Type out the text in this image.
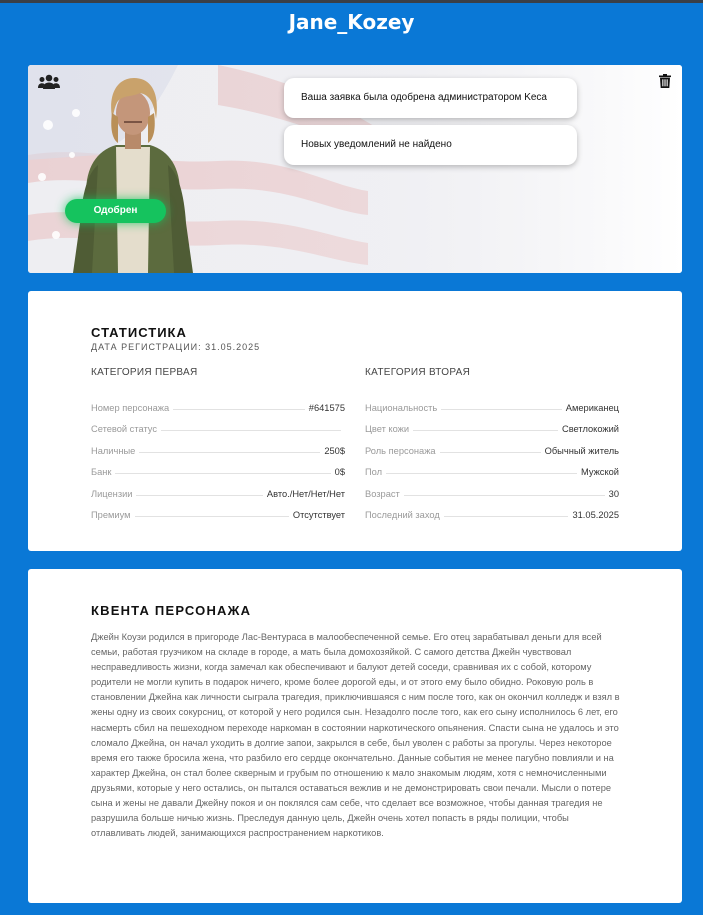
Jane_Kozey
Одобрен
Ваша заявка была одобрена администратором Keca
Новых уведомлений не найдено
СТАТИСТИКА
ДАТА РЕГИСТРАЦИИ: 31.05.2025
КАТЕГОРИЯ ПЕРВАЯ
Номер персонажа	#641575
Сетевой статус
Наличные	250$
Банк	0$
Лицензии	Авто./Нет/Нет/Нет
Премиум	Отсутствует
КАТЕГОРИЯ ВТОРАЯ
Национальность	Американец
Цвет кожи	Светлокожий
Роль персонажа	Обычный житель
Пол	Мужской
Возраст	30
Последний заход	31.05.2025
КВЕНТА ПЕРСОНАЖА
Джейн Коузи родился в пригороде Лас-Вентураса в малообеспеченной семье. Его отец зарабатывал деньги для всей семьи, работая грузчиком на складе в городе, а мать была домохозяйкой. С самого детства Джейн чувствовал несправедливость жизни, когда замечал как обеспечивают и балуют детей соседи, сравнивая их с собой, которому родители не могли купить в подарок ничего, кроме более дорогой еды, и от этого ему было обидно. Роковую роль в становлении Джейна как личности сыграла трагедия, приключившаяся с ним после того, как он окончил колледж и взял в жены одну из своих сокурсниц, от которой у него родился сын. Незадолго после того, как его сыну исполнилось 6 лет, его насмерть сбил на пешеходном переходе наркоман в состоянии наркотического опьянения. Спасти сына не удалось и это сломало Джейна, он начал уходить в долгие запои, закрылся в себе, был уволен с работы за прогулы. Через некоторое время его также бросила жена, что разбило его сердце окончательно. Данные события не менее пагубно повлияли и на характер Джейна, он стал более скверным и грубым по отношению к мало знакомым людям, хотя с немночисленными друзьями, которые у него остались, он пытался оставаться вежлив и не демонстрировать свои печали. Мысли о потере сына и жены не давали Джейну покоя и он поклялся сам себе, что сделает все возможное, чтобы данная трагедия не разрушила больше ничью жизнь. Преследуя данную цель, Джейн очень хотел попасть в ряды полиции, чтобы отлавливать людей, занимающихся распространением наркотиков.
